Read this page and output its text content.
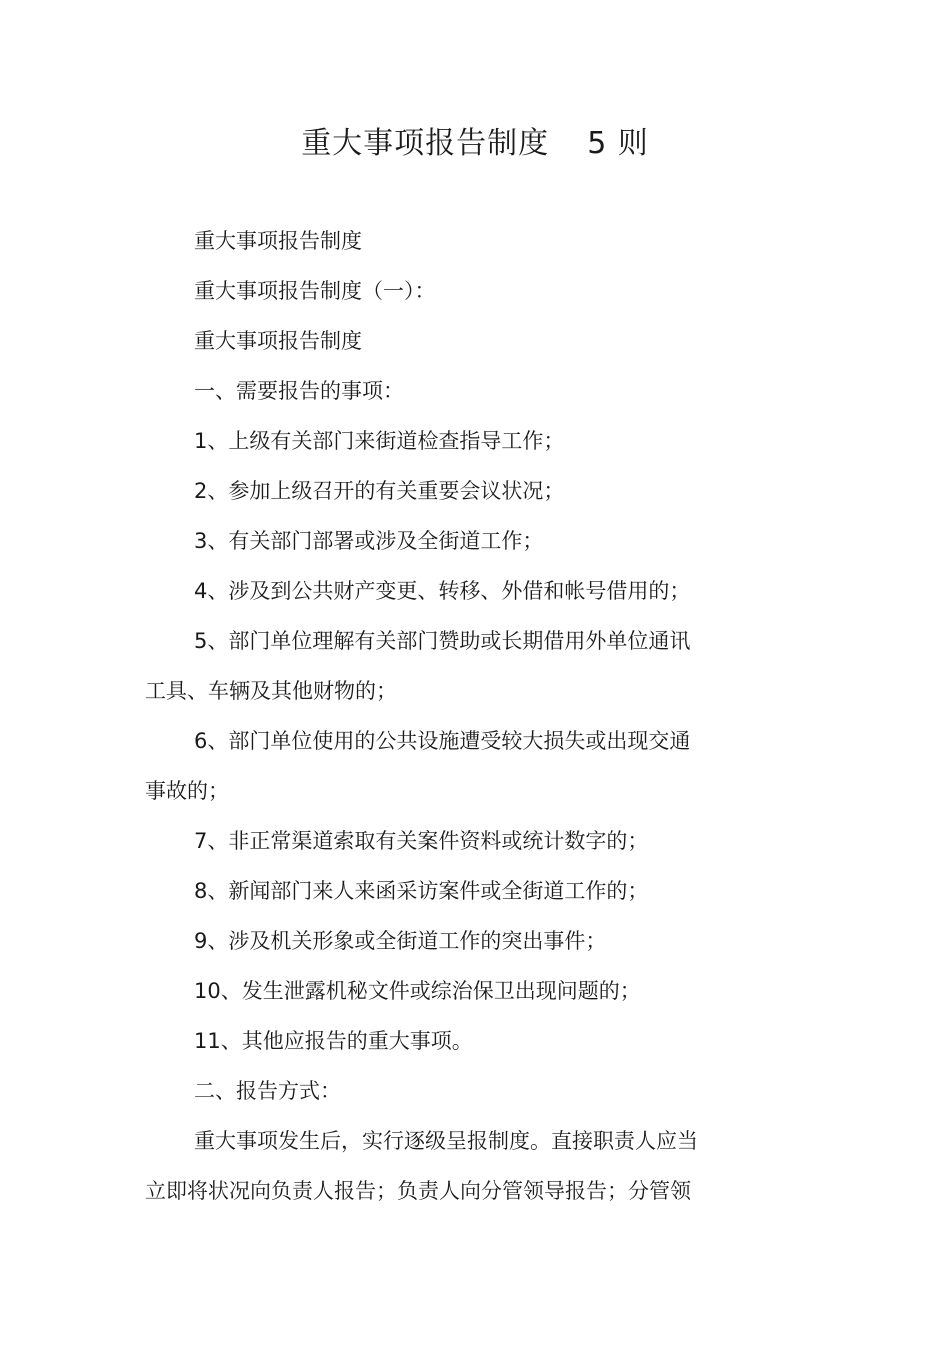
重大事项报告制度 5 则
重大事项报告制度
重大事项报告制度（一）：
重大事项报告制度
一、需要报告的事项：
1、上级有关部门来街道检查指导工作；
2、参加上级召开的有关重要会议状况；
3、有关部门部署或涉及全街道工作；
4、涉及到公共财产变更、转移、外借和帐号借用的；
5、部门单位理解有关部门赞助或长期借用外单位通讯
工具、车辆及其他财物的；
6、部门单位使用的公共设施遭受较大损失或出现交通
事故的；
7、非正常渠道索取有关案件资料或统计数字的；
8、新闻部门来人来函采访案件或全街道工作的；
9、涉及机关形象或全街道工作的突出事件；
10、发生泄露机秘文件或综治保卫出现问题的；
11、其他应报告的重大事项。
二、报告方式：
重大事项发生后，实行逐级呈报制度。直接职责人应当
立即将状况向负责人报告；负责人向分管领导报告；分管领
